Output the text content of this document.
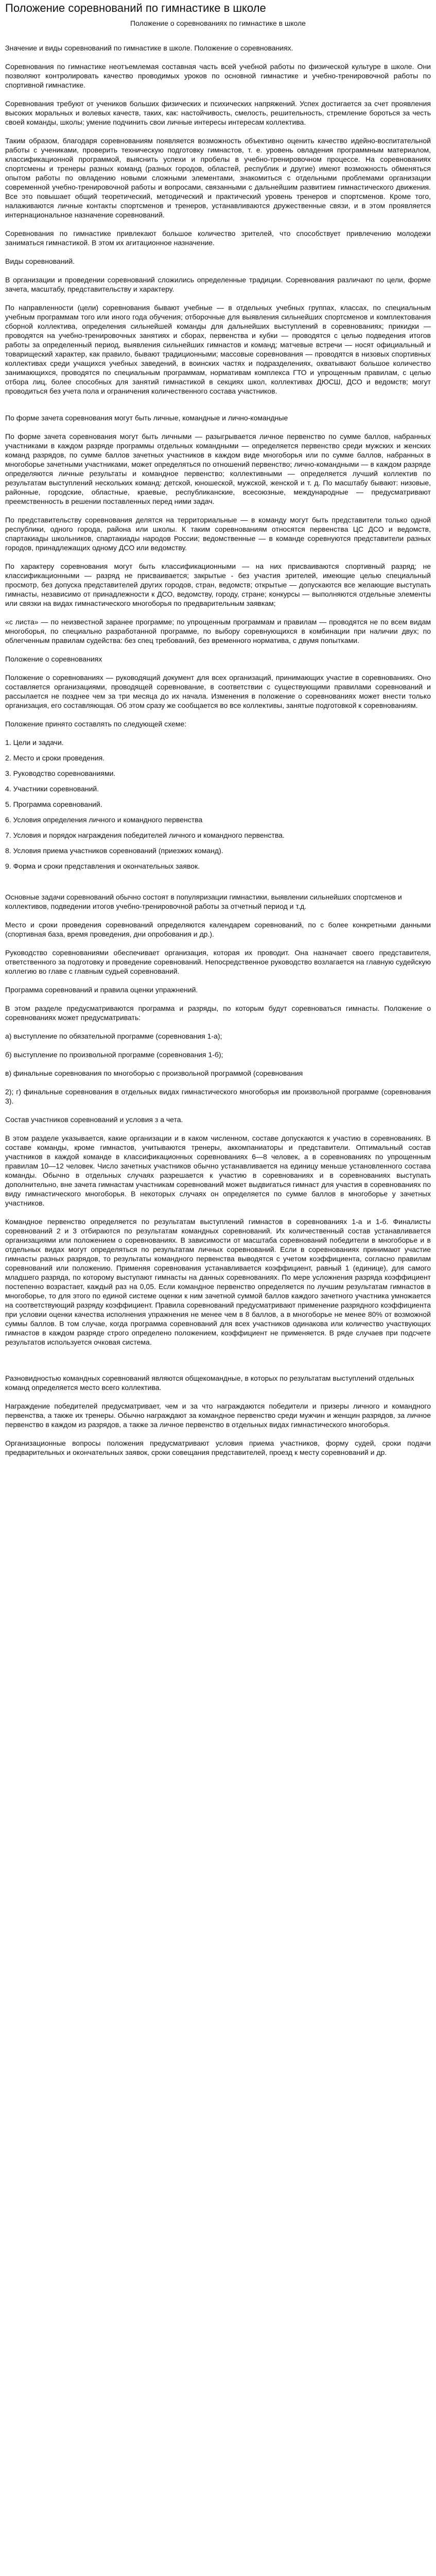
Положение соревнований по гимнастике в школе
Положение о соревнованиях по гимнастике в школе

Значение и виды соревнований по гимнастике в школе. Положение о соревнованиях.

Соревнования по гимнастике неотъемлемая составная часть всей учебной работы по физической культуре в школе. Они позволяют контролировать качество проводимых уроков по основной гимнастике и учебно-тренировочной работы по спортивной гимнастике.

Соревнования требуют от учеников больших физических и психических напряжений. Успех достигается за счет проявления высоких моральных и волевых качеств, таких, как: настойчивость, смелость, решительность, стремление бороться за честь своей команды, школы; умение подчинить свои личные интересы интересам коллектива.

Таким образом, благодаря соревнованиям появляется возможность объективно оценить качество идейно-воспитательной работы с учениками, проверить техническую подготовку гимнастов, т. е. уровень овладения программным материалом, классификационной программой, выяснить успехи и пробелы в учебно-тренировочном процессе. На соревнованиях спортсмены и тренеры разных команд (разных городов, областей, республик и другие) имеют возможность обменяться опытом работы по овладению новыми сложными элементами, знакомиться с отдельными проблемами организации современной учебно-тренировочной работы и вопросами, связанными с дальнейшим развитием гимнастического движения. Все это повышает общий теоретический, методический и практический уровень тренеров и спортсменов. Кроме того, налаживаются личные контакты спортсменов и тренеров, устанавливаются дружественные связи, и в этом проявляется интернациональное назначение соревнований.

Соревнования по гимнастике привлекают большое количество зрителей, что способствует привлечению молодежи заниматься гимнастикой. В этом их агитационное назначение.

Виды соревнований.

В организации и проведении соревнований сложились определенные традиции. Соревнования различают по цели, форме зачета, масштабу, представительству и характеру.

По направленности (цели) соревнования бывают учебные — в отдельных учебных группах, классах, по специальным учебным программам того или иного года обучения; отборочные для выявления сильнейших спортсменов и комплектования сборной коллектива, определения сильнейшей команды для дальнейших выступлений в соревнованиях; прикидки — проводятся на учебно-тренировочных занятиях и сборах, первенства и кубки — проводятся с целью подведения итогов работы за определенный период, выявления сильнейших гимнастов и команд; матчевые встречи — носят официальный и товарищеский характер, как правило, бывают традиционными; массовые соревнования — проводятся в низовых спортивных коллективах среди учащихся учебных заведений, в воинских частях и подразделениях, охватывают большое количество занимающихся, проводятся по специальным программам, нормативам комплекса ГТО и упрощенным правилам, с целью отбора лиц, более способных для занятий гимнастикой в секциях школ, коллективах ДЮСШ, ДСО и ведомств; могут проводиться без учета пола и ограничения количественного состава участников.

По форме зачета соревнования могут быть личные, командные и лично-командные

По форме зачета соревнования могут быть личными — разыгрывается личное первенство по сумме баллов, набранных участниками в каждом разряде программы отдельных командными — определяется первенство среди мужских и женских команд разрядов, по сумме баллов зачетных участников в каждом виде многоборья или по сумме баллов, набранных в многоборье зачетными участниками, может определяться по отношений первенство; лично-командными — в каждом разряде определяются личные результаты и командное первенство; коллективными — определяется лучший коллектив по результатам выступлений нескольких команд: детской, юношеской, мужской, женской и т. д. По масштабу бывают: низовые, районные, городские, областные, краевые, республиканские, всесоюзные, международные — предусматривают преемственность в решении поставленных перед ними задач.

По представительству соревнования делятся на территориальные — в команду могут быть представители только одной республики, одного города, района или школы. К таким соревнованиям относятся первенства ЦС ДСО и ведомств, спартакиады школьников, спартакиады народов России; ведомственные — в команде соревнуются представители разных городов, принадлежащих одному ДСО или ведомству.

По характеру соревнования могут быть классификационными — на них присваиваются спортивный разряд; не классификационными — разряд не присваивается; закрытые - без участия зрителей, имеющие целью специальный просмотр, без допуска представителей других городов, стран, ведомств; открытые — допускаются все желающие выступать гимнасты, независимо от принадлежности к ДСО, ведомству, городу, стране; конкурсы — выполняются отдельные элементы или связки на видах гимнастического многоборья по предварительным заявкам;

«с листа» — по неизвестной заранее программе; по упрощенным программам и правилам — проводятся не по всем видам многоборья, по специально разработанной программе, по выбору соревнующихся в комбинации при наличии двух; по облегченным правилам судейства: без спец требований, без временного норматива, с двумя попытками.

Положение о соревнованиях

Положение о соревнованиях — руководящий документ для всех организаций, принимающих участие в соревнованиях. Оно составляется организациями, проводящей соревнование, в соответствии с существующими правилами соревнований и рассылается не позднее чем за три месяца до их начала. Изменения в положение о соревнованиях может внести только организация, его составляющая. Об этом сразу же сообщается во все коллективы, занятые подготовкой к соревнованиям.

Положение принято составлять по следующей схеме:

1. Цели и задачи.
2. Место и сроки проведения.
3. Руководство соревнованиями.
4. Участники соревнований.
5. Программа соревнований.
6. Условия определения личного и командного первенства
7. Условия и порядок награждения победителей личного и командного первенства.
8. Условия приема участников соревнований (приезжих команд).
9. Форма и сроки представления и окончательных заявок.

Основные задачи соревнований обычно состоят в популяризации гимнастики, выявлении сильнейших спортсменов и коллективов, подведении итогов учебно-тренировочной работы за отчетный период и т.д.

Место и сроки проведения соревнований определяются календарем соревнований, по с более конкретными данными (спортивная база, время проведения, дни опробования и др.).

Руководство соревнованиями обеспечивает организация, которая их проводит. Она назначает своего представителя, ответственного за подготовку и проведение соревнований. Непосредственное руководство возлагается на главную судейскую коллегию во главе с главным судьей соревнований.

Программа соревнований и правила оценки упражнений.

В этом разделе предусматриваются программа и разряды, по которым будут соревноваться гимнасты. Положение о соревнованиях может предусматривать:

а) выступление по обязательной программе (соревнования 1-а);

б) выступление по произвольной программе (соревнования 1-б);

в) финальные соревнования по многоборью с произвольной программой (соревнования

2); г) финальные соревнования в отдельных видах гимнастического многоборья им произвольной программе (соревнования 3).

Состав участников соревнований и условия з а чета.

В этом разделе указывается, какие организации и в каком численном, составе допускаются к участию в соревнованиях. В составе команды, кроме гимнастов, учитываются тренеры, аккомпаниаторы и представители. Оптимальный состав участников в каждой команде в классификационных соревнованиях 6—8 человек, а в соревнованиях по упрощенным правилам 10—12 человек. Число зачетных участников обычно устанавливается на единицу меньше установленного состава команды. Обычно в отдельных случаях разрешается к участию в соревнованиях и в соревнованиях выступать дополнительно, вне зачета гимнастам участникам соревнований может выдвигаться гимнаст для участия в соревнованиях по виду гимнастического многоборья. В некоторых случаях он определяется по сумме баллов в многоборье у зачетных участников.

Командное первенство определяется по результатам выступлений гимнастов в соревнованиях 1-а и 1-б. Финалисты соревнований 2 и 3 отбираются по результатам командных соревнований. Их количественный состав устанавливается организациями или положением о соревнованиях. В зависимости от масштаба соревнований победители в многоборье и в отдельных видах могут определяться по результатам личных соревнований. Если в соревнованиях принимают участие гимнасты разных разрядов, то результаты командного первенства выводятся с учетом коэффициента, согласно правилам соревнований или положению. Применяя соревнования устанавливается коэффициент, равный 1 (единице), для самого младшего разряда, по которому выступают гимнасты на данных соревнованиях. По мере усложнения разряда коэффициент постепенно возрастает, каждый раз на 0,05. Если командное первенство определяется по лучшим результатам гимнастов в многоборье, то для этого по единой системе оценки к ним зачетной суммой баллов каждого зачетного участника умножается на соответствующий разряду коэффициент. Правила соревнований предусматривают применение разрядного коэффициента при условии оценки качества исполнения упражнения не менее чем в 8 баллов, а в многоборье не менее 80% от возможной суммы баллов. В том случае, когда программа соревнований для всех участников одинакова или количество участвующих гимнастов в каждом разряде строго определено положением, коэффициент не применяется. В ряде случаев при подсчете результатов используется очковая система.

Разновидностью командных соревнований являются общекомандные, в которых по результатам выступлений отдельных команд определяется место всего коллектива.

Награждение победителей предусматривает, чем и за что награждаются победители и призеры личного и командного первенства, а также их тренеры. Обычно награждают за командное первенство среди мужчин и женщин разрядов, за личное первенство в каждом из разрядов, а также за личное первенство в отдельных видах гимнастического многоборья.

Организационные вопросы положения предусматривают условия приема участников, форму судей, сроки подачи предварительных и окончательных заявок, сроки совещания представителей, проезд к месту соревнований и др.
